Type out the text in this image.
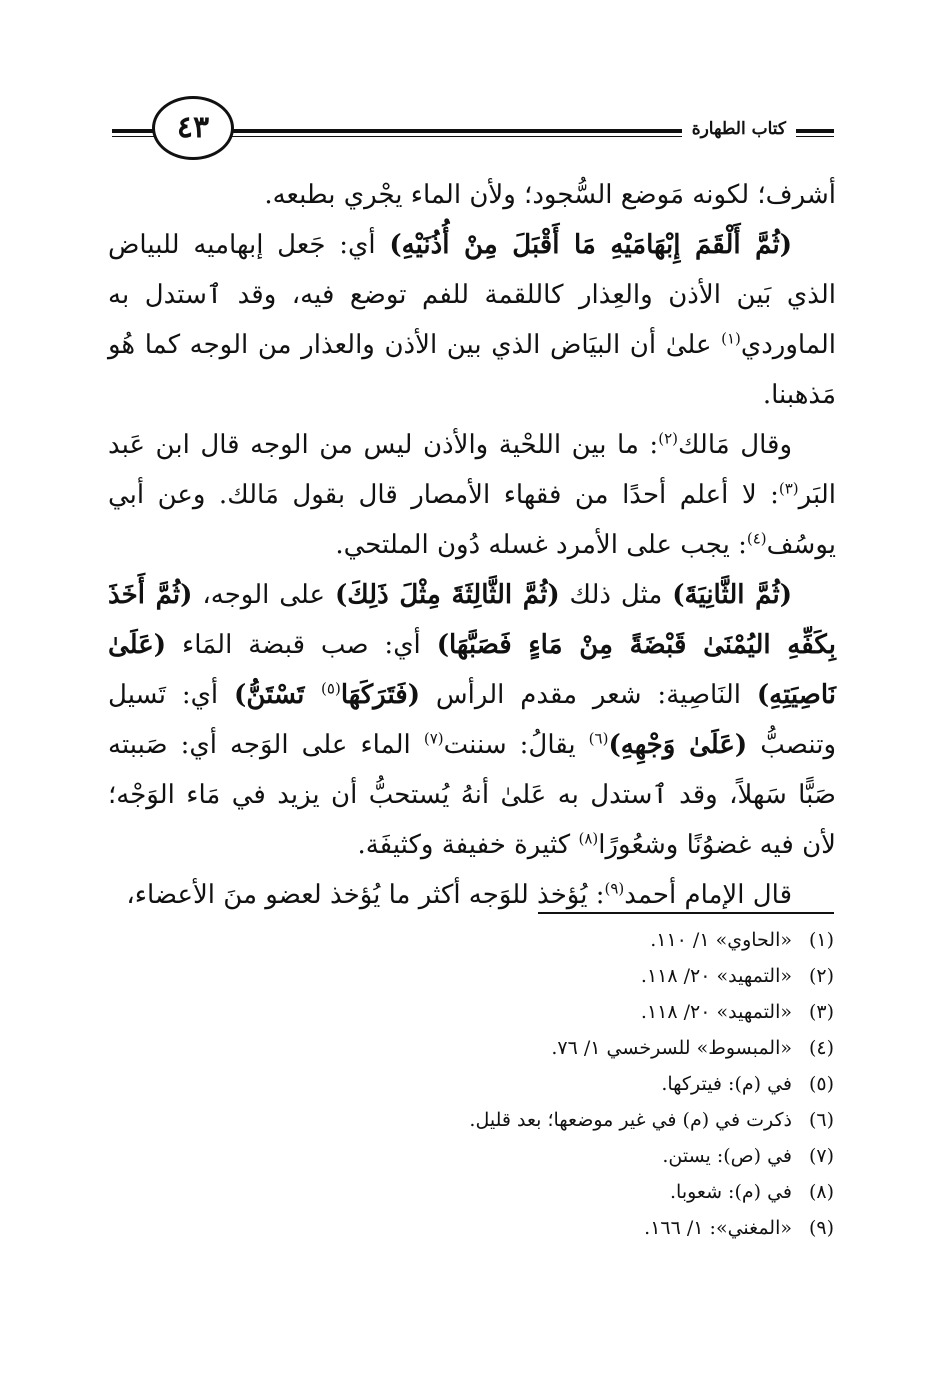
كتاب الطهارة
٤٣

أشرف؛ لكونه مَوضع السُّجود؛ ولأن الماء يجْري بطبعه.

(ثُمَّ أَلْقَمَ إِبْهَامَيْهِ مَا أَقْبَلَ مِنْ أُذُنَيْهِ) أي: جَعل إبهاميه للبياض الذي بَين الأذن والعِذار كاللقمة للفم توضع فيه، وقد ٱستدل به الماوردي$^{(١)}$ علىٰ أن البيَاض الذي بين الأذن والعذار من الوجه كما هُو مَذهبنا.

وقال مَالك$^{(٢)}$: ما بين اللحْية والأذن ليس من الوجه قال ابن عَبد البَر$^{(٣)}$: لا أعلم أحدًا من فقهاء الأمصار قال بقول مَالك. وعن أبي يوسُف$^{(٤)}$: يجب على الأمرد غسله دُون الملتحي.

(ثُمَّ الثَّانِيَةَ) مثل ذلك (ثُمَّ الثَّالِثَةَ مِثْلَ ذَلِكَ) على الوجه، (ثُمَّ أَخَذَ بِكَفِّهِ اليُمْنَىٰ قَبْضَةً مِنْ مَاءٍ فَصَبَّهَا) أي: صب قبضة المَاء (عَلَىٰ نَاصِيَتِهِ) النَاصِية: شعر مقدم الرأس (فَتَرَكَهَا$^{(٥)}$ تَسْتَنُّ) أي: تَسيل وتنصبُّ (عَلَىٰ وَجْهِهِ)$^{(٦)}$ يقالُ: سننت$^{(٧)}$ الماء على الوَجه أي: صَببته صَبًّا سَهلاً، وقد ٱستدل به عَلىٰ أنهُ يُستحبُّ أن يزيد في مَاء الوَجْه؛ لأن فيه غضوُنًا وشعُورًا$^{(٨)}$ كثيرة خفيفة وكثيفَة.

قال الإمام أحمد$^{(٩)}$: يُؤخذ للوَجه أكثر ما يُؤخذ لعضو منَ الأعضاء،

(١)
«الحاوي» ١/ ١١٠.
(٢)
«التمهيد» ٢٠/ ١١٨.
(٣)
«التمهيد» ٢٠/ ١١٨.
(٤)
«المبسوط» للسرخسي ١/ ٧٦.
(٥)
في (م): فيتركها.
(٦)
ذكرت في (م) في غير موضعها؛ بعد قليل.
(٧)
في (ص): يستن.
(٨)
في (م): شعوبا.
(٩)
«المغني»: ١/ ١٦٦.
